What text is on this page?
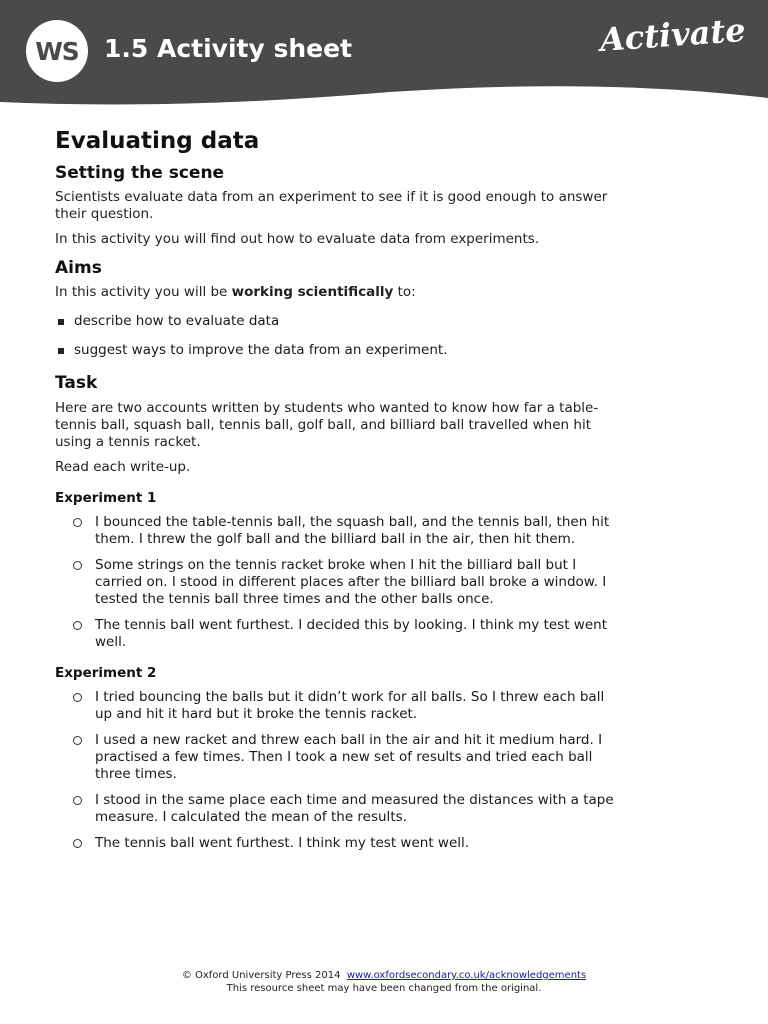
WS	1.5 Activity sheet	Activate
Evaluating data
Setting the scene

Scientists evaluate data from an experiment to see if it is good enough to answer their question.

In this activity you will find out how to evaluate data from experiments.

Aims

In this activity you will be working scientifically to:

describe how to evaluate data
suggest ways to improve the data from an experiment.
Task

Here are two accounts written by students who wanted to know how far a table-tennis ball, squash ball, tennis ball, golf ball, and billiard ball travelled when hit using a tennis racket.

Read each write-up.

Experiment 1
I bounced the table-tennis ball, the squash ball, and the tennis ball, then hit them. I threw the golf ball and the billiard ball in the air, then hit them.
Some strings on the tennis racket broke when I hit the billiard ball but I carried on. I stood in different places after the billiard ball broke a window. I tested the tennis ball three times and the other balls once.
The tennis ball went furthest. I decided this by looking. I think my test went well.
Experiment 2
I tried bouncing the balls but it didn’t work for all balls. So I threw each ball up and hit it hard but it broke the tennis racket.
I used a new racket and threw each ball in the air and hit it medium hard. I practised a few times. Then I took a new set of results and tried each ball three times.
I stood in the same place each time and measured the distances with a tape measure. I calculated the mean of the results.
The tennis ball went furthest. I think my test went well.
© Oxford University Press 2014 www.oxfordsecondary.co.uk/acknowledgements
This resource sheet may have been changed from the original.
